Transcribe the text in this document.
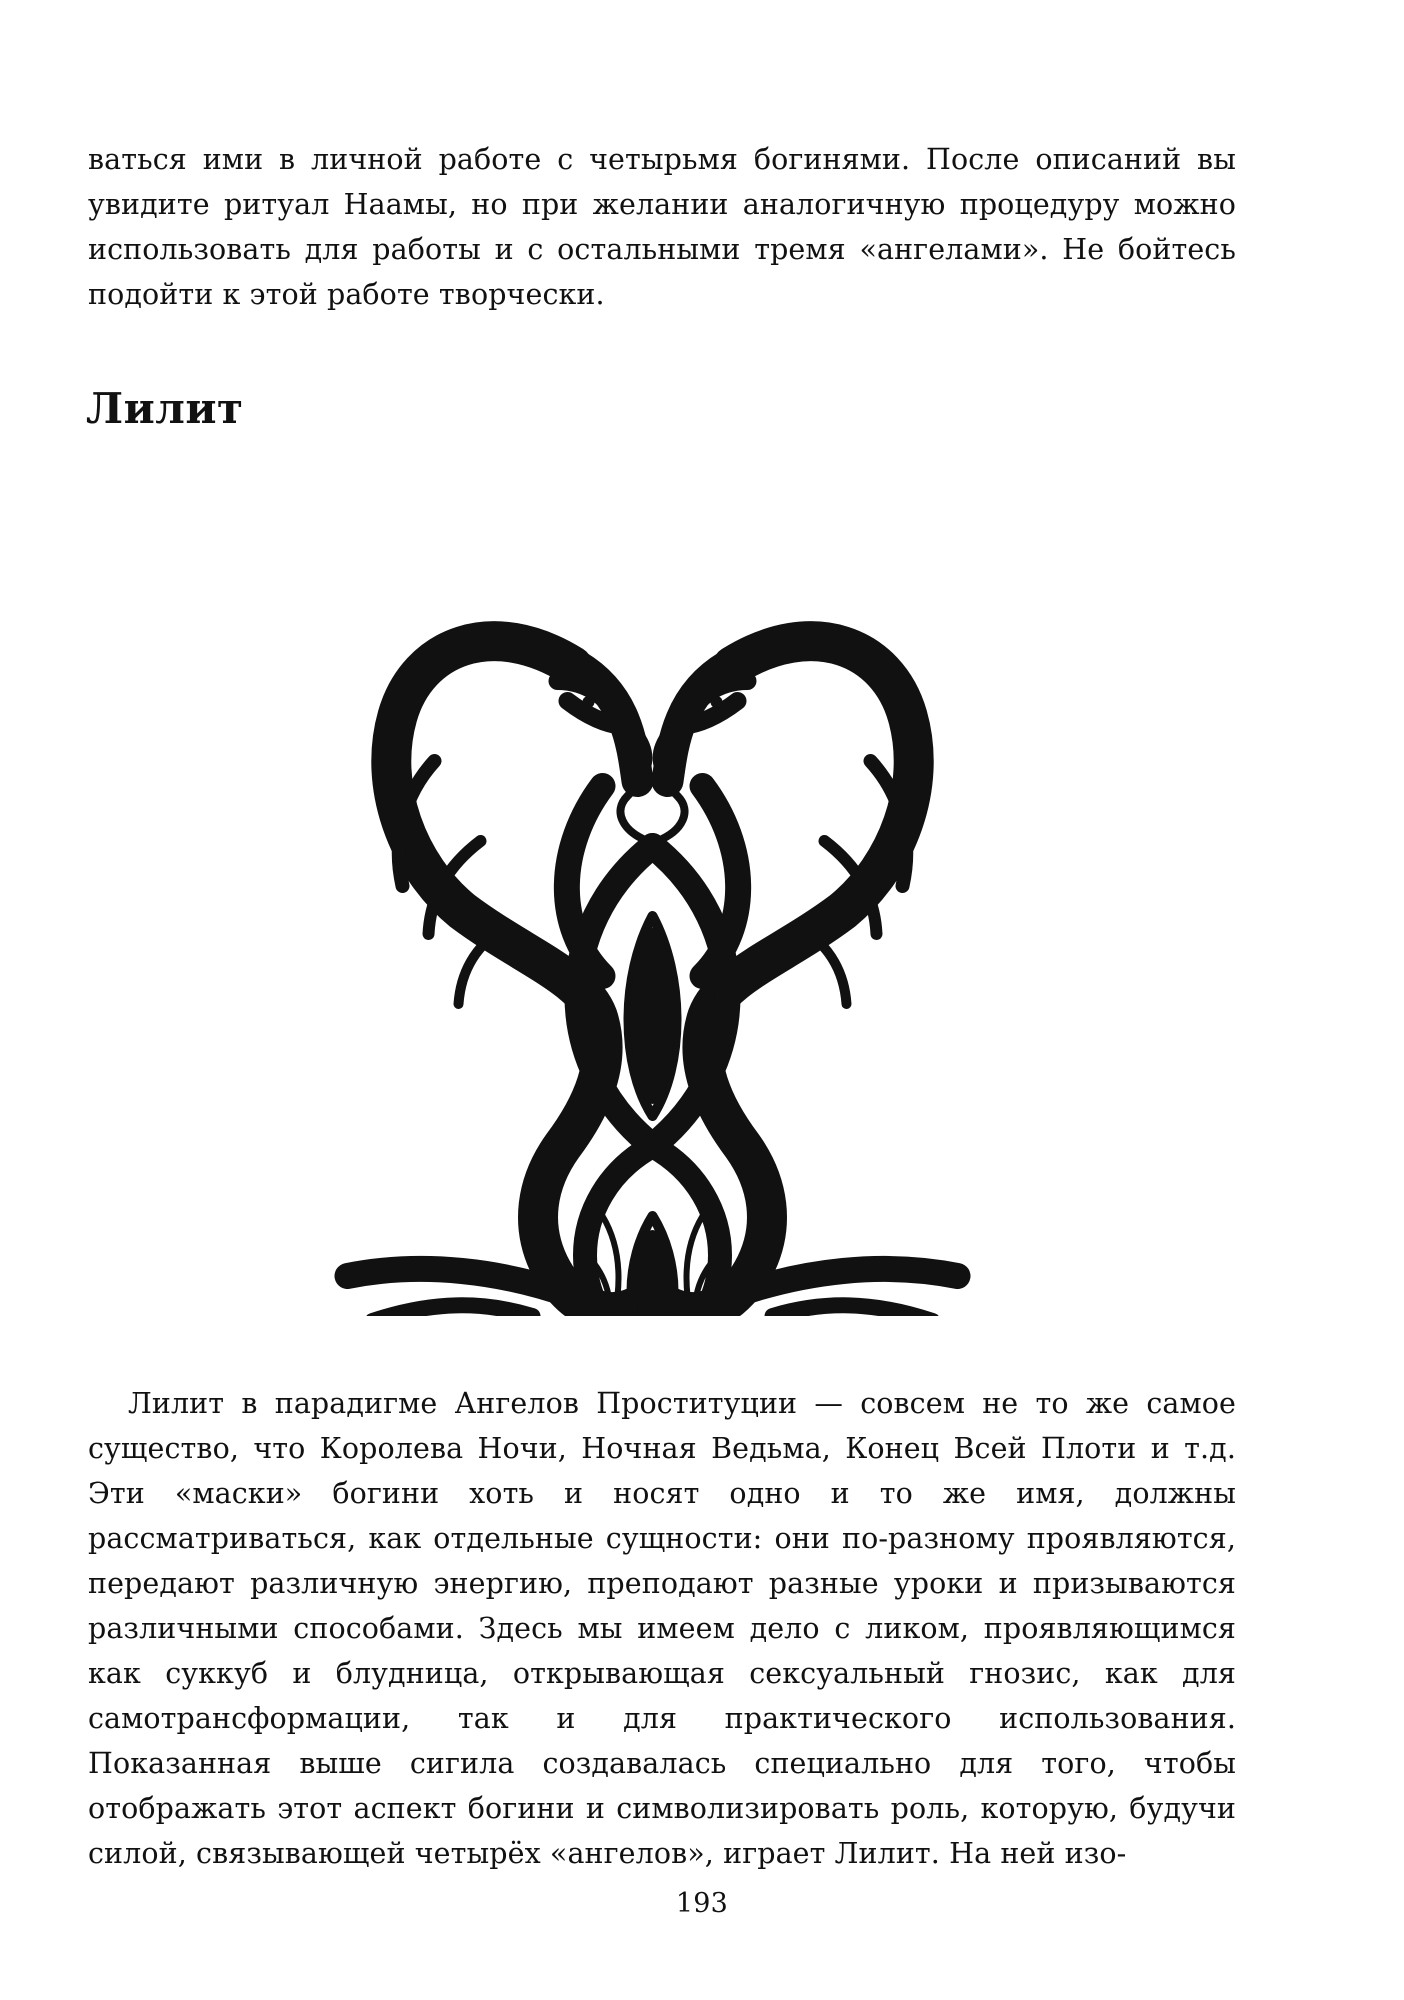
ваться ими в личной работе с четырьмя богинями. После описаний вы увидите ритуал Наамы, но при желании аналогичную процедуру можно использовать для работы и с остальными тремя «ангелами». Не бойтесь подойти к этой работе творчески.

Лилит

Лилит в парадигме Ангелов Проституции — совсем не то же самое существо, что Королева Ночи, Ночная Ведьма, Конец Всей Плоти и т.д. Эти «маски» богини хоть и носят одно и то же имя, должны рассматриваться, как отдельные сущности: они по-разному проявляются, передают различную энергию, преподают разные уроки и призываются различными способами. Здесь мы имеем дело с ликом, проявляющимся как суккуб и блудница, открывающая сексуальный гнозис, как для самотрансформации, так и для практического использования. Показанная выше сигила создавалась специально для того, чтобы отображать этот аспект богини и символизировать роль, которую, будучи силой, связывающей четырёх «ангелов», играет Лилит. На ней изо-

193
